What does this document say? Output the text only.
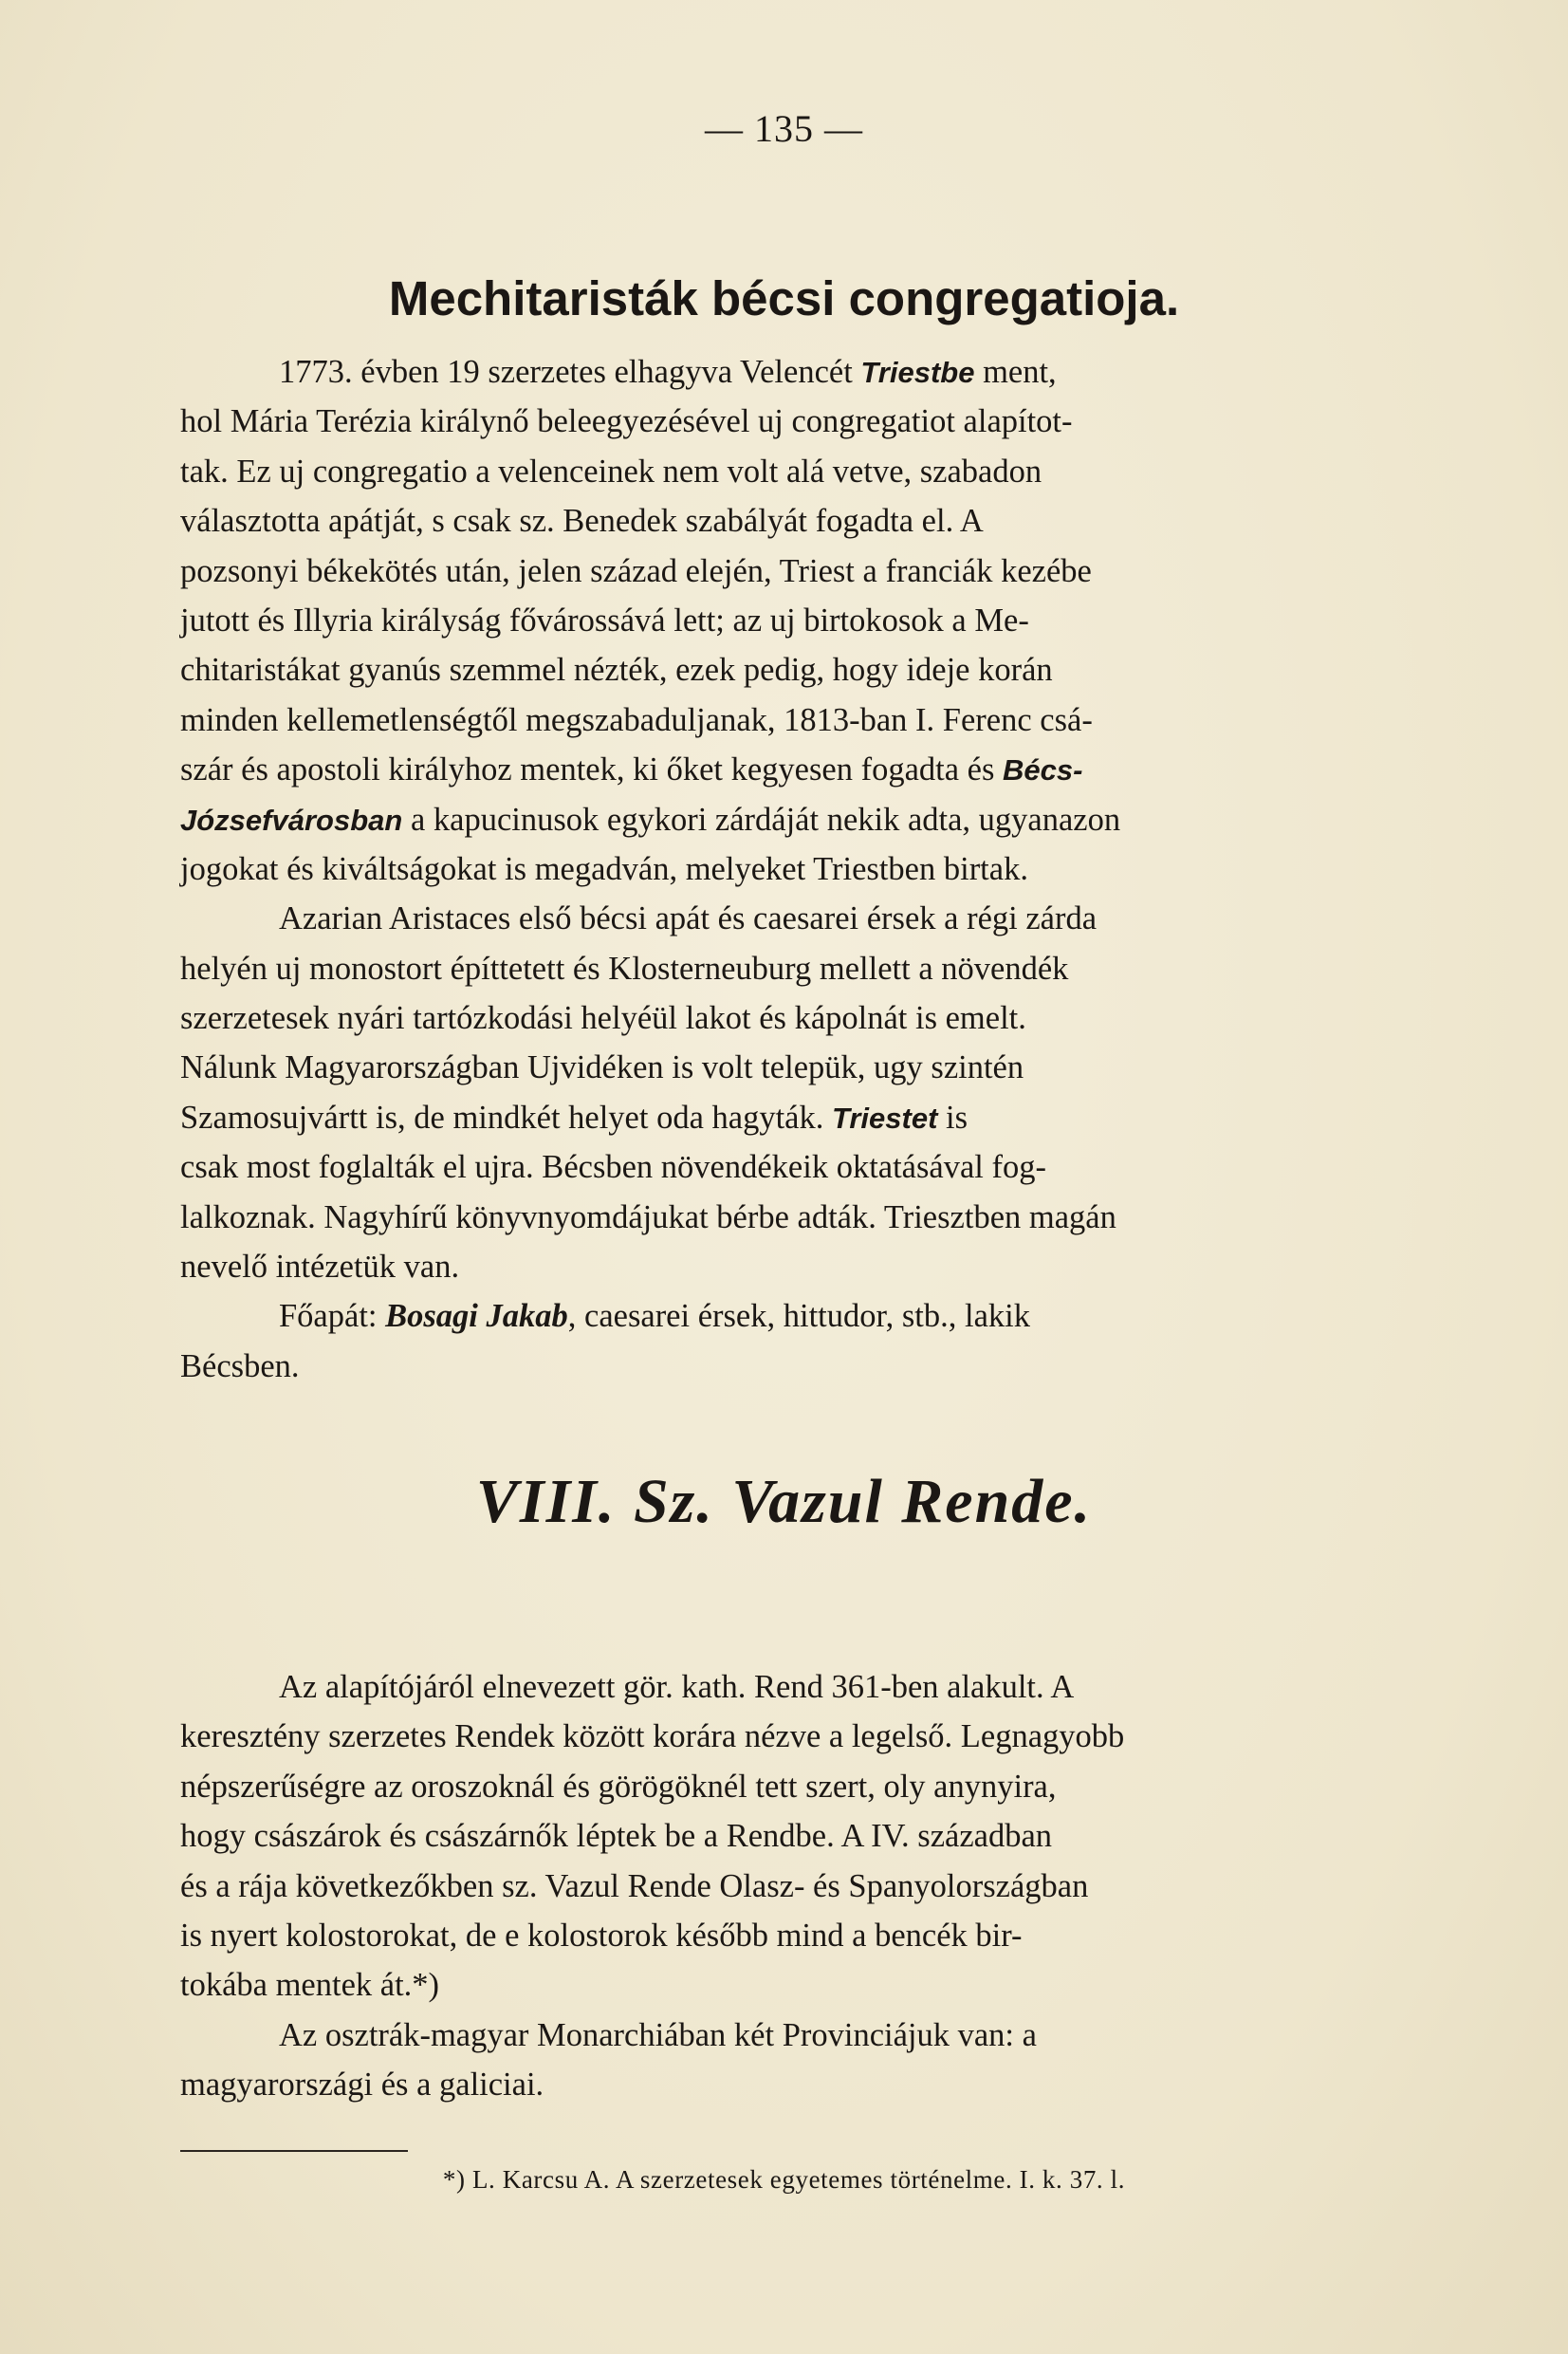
— 135 —
Mechitaristák bécsi congregatioja.
1773. évben 19 szerzetes elhagyva Velencét Triestbe ment,
hol Mária Terézia királynő beleegyezésével uj congregatiot alapítot-
tak. Ez uj congregatio a velenceinek nem volt alá vetve, szabadon
választotta apátját, s csak sz. Benedek szabályát fogadta el. A
pozsonyi békekötés után, jelen század elején, Triest a franciák kezébe
jutott és Illyria királyság fővárossává lett; az uj birtokosok a Me-
chitaristákat gyanús szemmel nézték, ezek pedig, hogy ideje korán
minden kellemetlenségtől megszabaduljanak, 1813-ban I. Ferenc csá-
szár és apostoli királyhoz mentek, ki őket kegyesen fogadta és Bécs-
Józsefvárosban a kapucinusok egykori zárdáját nekik adta, ugyanazon
jogokat és kiváltságokat is megadván, melyeket Triestben birtak.
Azarian Aristaces első bécsi apát és caesarei érsek a régi zárda
helyén uj monostort építtetett és Klosterneuburg mellett a növendék
szerzetesek nyári tartózkodási helyéül lakot és kápolnát is emelt.
Nálunk Magyarországban Ujvidéken is volt telepük, ugy szintén
Szamosujvártt is, de mindkét helyet oda hagyták. Triestet is
csak most foglalták el ujra. Bécsben növendékeik oktatásával fog-
lalkoznak. Nagyhírű könyvnyomdájukat bérbe adták. Triesztben magán
nevelő intézetük van.
Főapát: Bosagi Jakab, caesarei érsek, hittudor, stb., lakik
Bécsben.
VIII. Sz. Vazul Rende.
Az alapítójáról elnevezett gör. kath. Rend 361-ben alakult. A
keresztény szerzetes Rendek között korára nézve a legelső. Legnagyobb
népszerűségre az oroszoknál és görögöknél tett szert, oly anynyira,
hogy császárok és császárnők léptek be a Rendbe. A IV. században
és a rája következőkben sz. Vazul Rende Olasz- és Spanyolországban
is nyert kolostorokat, de e kolostorok később mind a bencék bir-
tokába mentek át.*)
Az osztrák-magyar Monarchiában két Provinciájuk van: a
magyarországi és a galiciai.
*) L. Karcsu A. A szerzetesek egyetemes történelme. I. k. 37. l.
